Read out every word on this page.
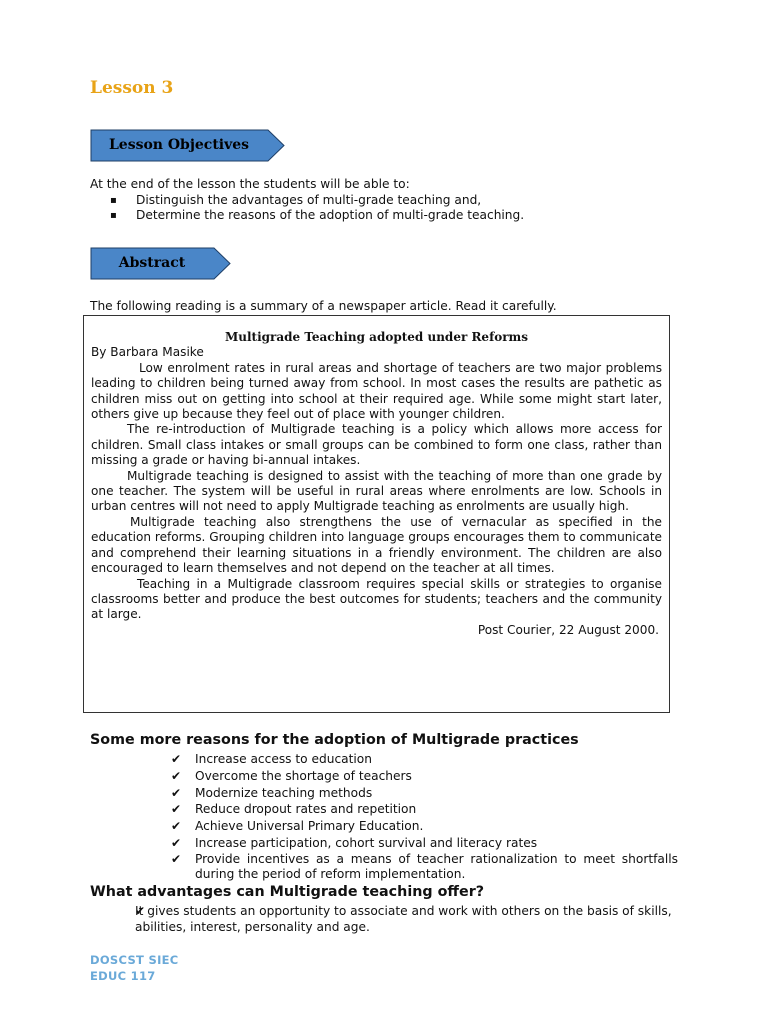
Lesson 3
Lesson Objectives
At the end of the lesson the students will be able to:
▪ Distinguish the advantages of multi-grade teaching and,
▪ Determine the reasons of the adoption of multi-grade teaching.
Abstract
The following reading is a summary of a newspaper article. Read it carefully.
Multigrade Teaching adopted under Reforms
By Barbara Masike

Low enrolment rates in rural areas and shortage of teachers are two major problems leading to children being turned away from school. In most cases the results are pathetic as children miss out on getting into school at their required age. While some might start later, others give up because they feel out of place with younger children.

The re-introduction of Multigrade teaching is a policy which allows more access for children. Small class intakes or small groups can be combined to form one class, rather than missing a grade or having bi-annual intakes.

Multigrade teaching is designed to assist with the teaching of more than one grade by one teacher. The system will be useful in rural areas where enrolments are low. Schools in urban centres will not need to apply Multigrade teaching as enrolments are usually high.

Multigrade teaching also strengthens the use of vernacular as specified in the education reforms. Grouping children into language groups encourages them to communicate and comprehend their learning situations in a friendly environment. The children are also encouraged to learn themselves and not depend on the teacher at all times.

Teaching in a Multigrade classroom requires special skills or strategies to organise classrooms better and produce the best outcomes for students; teachers and the community at large.

Post Courier, 22 August 2000.
Some more reasons for the adoption of Multigrade practices
✔ Increase access to education
✔ Overcome the shortage of teachers
✔ Modernize teaching methods
✔ Reduce dropout rates and repetition
✔ Achieve Universal Primary Education.
✔ Increase participation, cohort survival and literacy rates
✔ Provide incentives as a means of teacher rationalization to meet shortfalls during the period of reform implementation.
What advantages can Multigrade teaching offer?
✔ It gives students an opportunity to associate and work with others on the basis of skills, abilities, interest, personality and age.
DOSCST SIEC
EDUC 117
